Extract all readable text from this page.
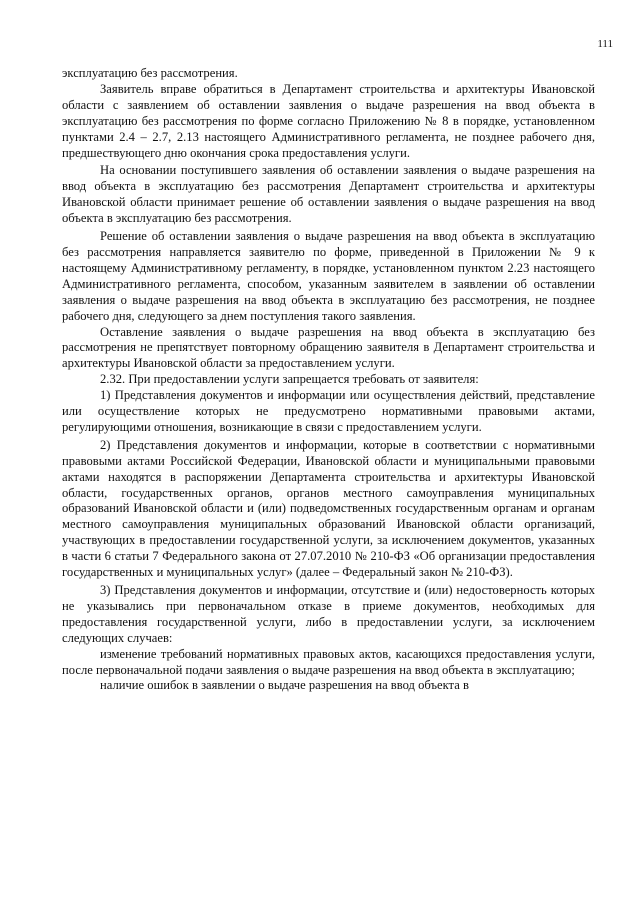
111

эксплуатацию без рассмотрения.

Заявитель вправе обратиться в Департамент строительства и архитектуры Ивановской области с заявлением об оставлении заявления о выдаче разрешения на ввод объекта в эксплуатацию без рассмотрения по форме согласно Приложению № 8 в порядке, установленном пунктами 2.4 – 2.7, 2.13 настоящего Административного регламента, не позднее рабочего дня, предшествующего дню окончания срока предоставления услуги.

На основании поступившего заявления об оставлении заявления о выдаче разрешения на ввод объекта в эксплуатацию без рассмотрения Департамент строительства и архитектуры Ивановской области принимает решение об оставлении заявления о выдаче разрешения на ввод объекта в эксплуатацию без рассмотрения.

Решение об оставлении заявления о выдаче разрешения на ввод объекта в эксплуатацию без рассмотрения направляется заявителю по форме, приведенной в Приложении № 9 к настоящему Административному регламенту, в порядке, установленном пунктом 2.23 настоящего Административного регламента, способом, указанным заявителем в заявлении об оставлении заявления о выдаче разрешения на ввод объекта в эксплуатацию без рассмотрения, не позднее рабочего дня, следующего за днем поступления такого заявления.

Оставление заявления о выдаче разрешения на ввод объекта в эксплуатацию без рассмотрения не препятствует повторному обращению заявителя в Департамент строительства и архитектуры Ивановской области за предоставлением услуги.

2.32. При предоставлении услуги запрещается требовать от заявителя:

1) Представления документов и информации или осуществления действий, представление или осуществление которых не предусмотрено нормативными правовыми актами, регулирующими отношения, возникающие в связи с предоставлением услуги.

2) Представления документов и информации, которые в соответствии с нормативными правовыми актами Российской Федерации, Ивановской области и муниципальными правовыми актами находятся в распоряжении Департамента строительства и архитектуры Ивановской области, государственных органов, органов местного самоуправления муниципальных образований Ивановской области и (или) подведомственных государственным органам и органам местного самоуправления муниципальных образований Ивановской области организаций, участвующих в предоставлении государственной услуги, за исключением документов, указанных в части 6 статьи 7 Федерального закона от 27.07.2010 № 210-ФЗ «Об организации предоставления государственных и муниципальных услуг» (далее – Федеральный закон № 210-ФЗ).

3) Представления документов и информации, отсутствие и (или) недостоверность которых не указывались при первоначальном отказе в приеме документов, необходимых для предоставления государственной услуги, либо в предоставлении услуги, за исключением следующих случаев:

изменение требований нормативных правовых актов, касающихся предоставления услуги, после первоначальной подачи заявления о выдаче разрешения на ввод объекта в эксплуатацию;

наличие ошибок в заявлении о выдаче разрешения на ввод объекта в
